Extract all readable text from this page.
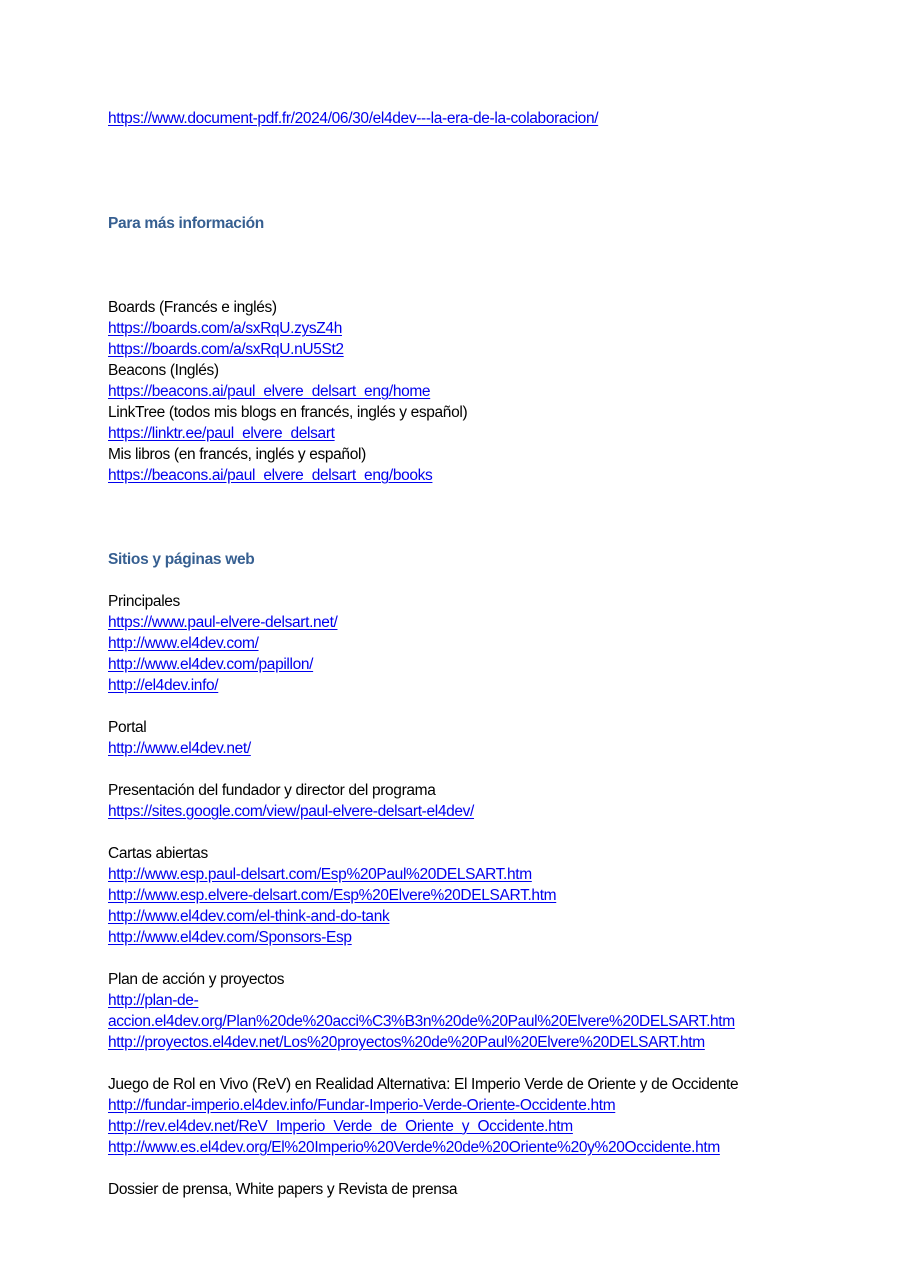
https://www.document-pdf.fr/2024/06/30/el4dev---la-era-de-la-colaboracion/
Para más información
Boards (Francés e inglés)
https://boards.com/a/sxRqU.zysZ4h
https://boards.com/a/sxRqU.nU5St2
Beacons (Inglés)
https://beacons.ai/paul_elvere_delsart_eng/home
LinkTree (todos mis blogs en francés, inglés y español)
https://linktr.ee/paul_elvere_delsart
Mis libros (en francés, inglés y español)
https://beacons.ai/paul_elvere_delsart_eng/books
Sitios y páginas web
Principales
https://www.paul-elvere-delsart.net/
http://www.el4dev.com/
http://www.el4dev.com/papillon/
http://el4dev.info/
Portal
http://www.el4dev.net/
Presentación del fundador y director del programa
https://sites.google.com/view/paul-elvere-delsart-el4dev/
Cartas abiertas
http://www.esp.paul-delsart.com/Esp%20Paul%20DELSART.htm
http://www.esp.elvere-delsart.com/Esp%20Elvere%20DELSART.htm
http://www.el4dev.com/el-think-and-do-tank
http://www.el4dev.com/Sponsors-Esp
Plan de acción y proyectos
http://plan-de-
accion.el4dev.org/Plan%20de%20acci%C3%B3n%20de%20Paul%20Elvere%20DELSART.htm
http://proyectos.el4dev.net/Los%20proyectos%20de%20Paul%20Elvere%20DELSART.htm
Juego de Rol en Vivo (ReV) en Realidad Alternativa: El Imperio Verde de Oriente y de Occidente
http://fundar-imperio.el4dev.info/Fundar-Imperio-Verde-Oriente-Occidente.htm
http://rev.el4dev.net/ReV_Imperio_Verde_de_Oriente_y_Occidente.htm
http://www.es.el4dev.org/El%20Imperio%20Verde%20de%20Oriente%20y%20Occidente.htm
Dossier de prensa, White papers y Revista de prensa
